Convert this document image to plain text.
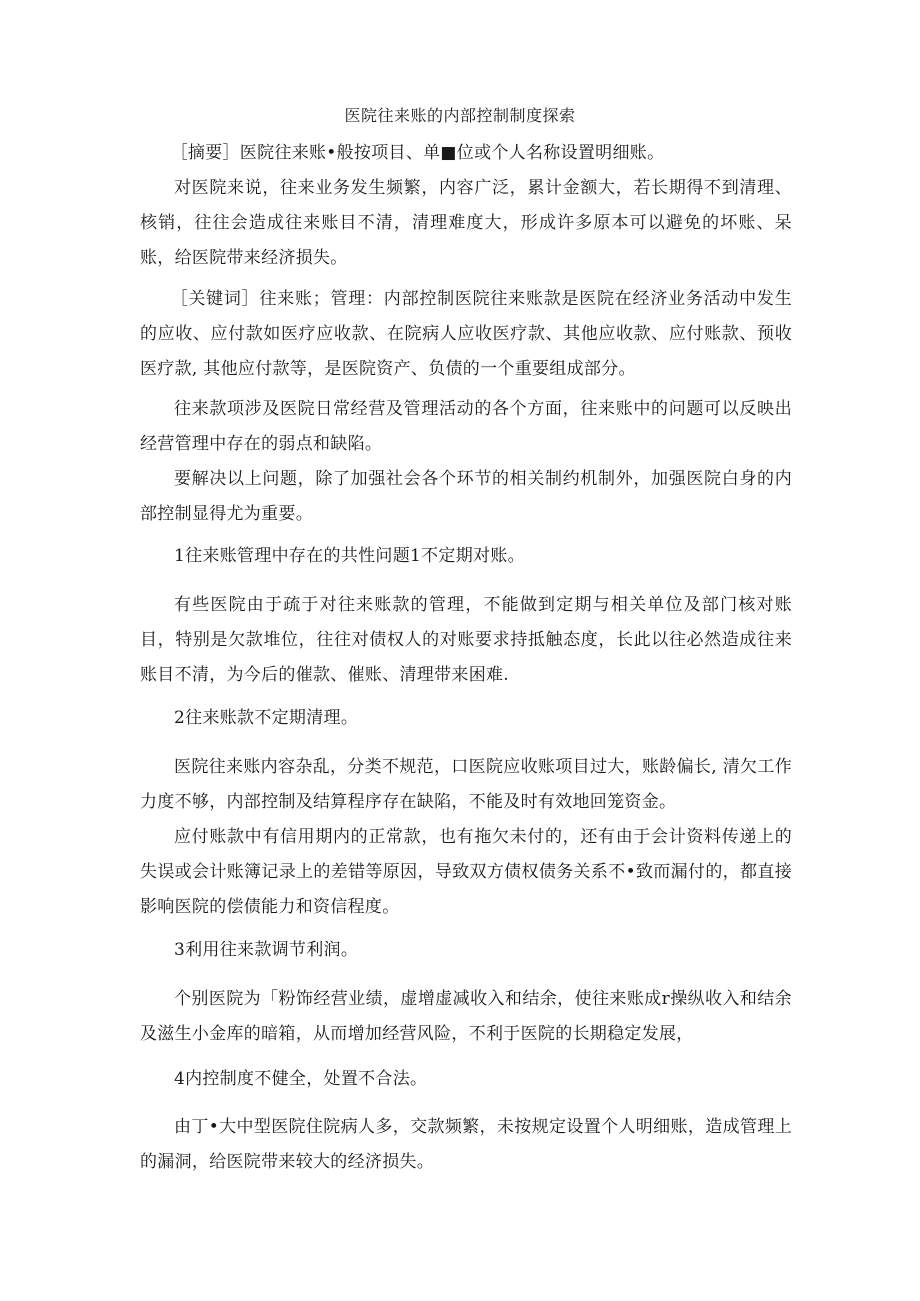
医院往来账的内部控制制度探索

［摘要］医院往来账•般按项目、单■位或个人名称设置明细账。

对医院来说，往来业务发生频繁，内容广泛，累计金额大，若长期得不到清理、核销，往往会造成往来账目不清，清理难度大，形成许多原本可以避免的坏账、呆账，给医院带来经济损失。

［关键词］往来账；管理：内部控制医院往来账款是医院在经济业务活动中发生的应收、应付款如医疗应收款、在院病人应收医疗款、其他应收款、应付账款、预收医疗款, 其他应付款等，是医院资产、负债的一个重要组成部分。

往来款项涉及医院日常经营及管理活动的各个方面，往来账中的问题可以反映出经营管理中存在的弱点和缺陷。

要解决以上问题，除了加强社会各个环节的相关制约机制外，加强医院白身的内部控制显得尤为重要。

1往来账管理中存在的共性问题1不定期对账。

有些医院由于疏于对往来账款的管理，不能做到定期与相关单位及部门核对账目，特别是欠款堆位，往往对债权人的对账要求持抵触态度，长此以往必然造成往来账目不清，为今后的催款、催账、清理带来困难.

2往来账款不定期清理。

医院往来账内容杂乱，分类不规范，口医院应收账项目过大，账龄偏长, 清欠工作力度不够，内部控制及结算程序存在缺陷，不能及时有效地回笼资金。

应付账款中有信用期内的正常款，也有拖欠未付的，还有由于会计资料传递上的失误或会计账簿记录上的差错等原因，导致双方债权债务关系不•致而漏付的，都直接影响医院的偿债能力和资信程度。

3利用往来款调节利润。

个别医院为「粉饰经营业绩，虚增虚减收入和结余，使往来账成r操纵收入和结余及滋生小金库的暗箱，从而增加经营风险，不利于医院的长期稳定发展，

4内控制度不健全，处置不合法。

由丁•大中型医院住院病人多，交款频繁，未按规定设置个人明细账，造成管理上的漏洞，给医院带来较大的经济损失。
